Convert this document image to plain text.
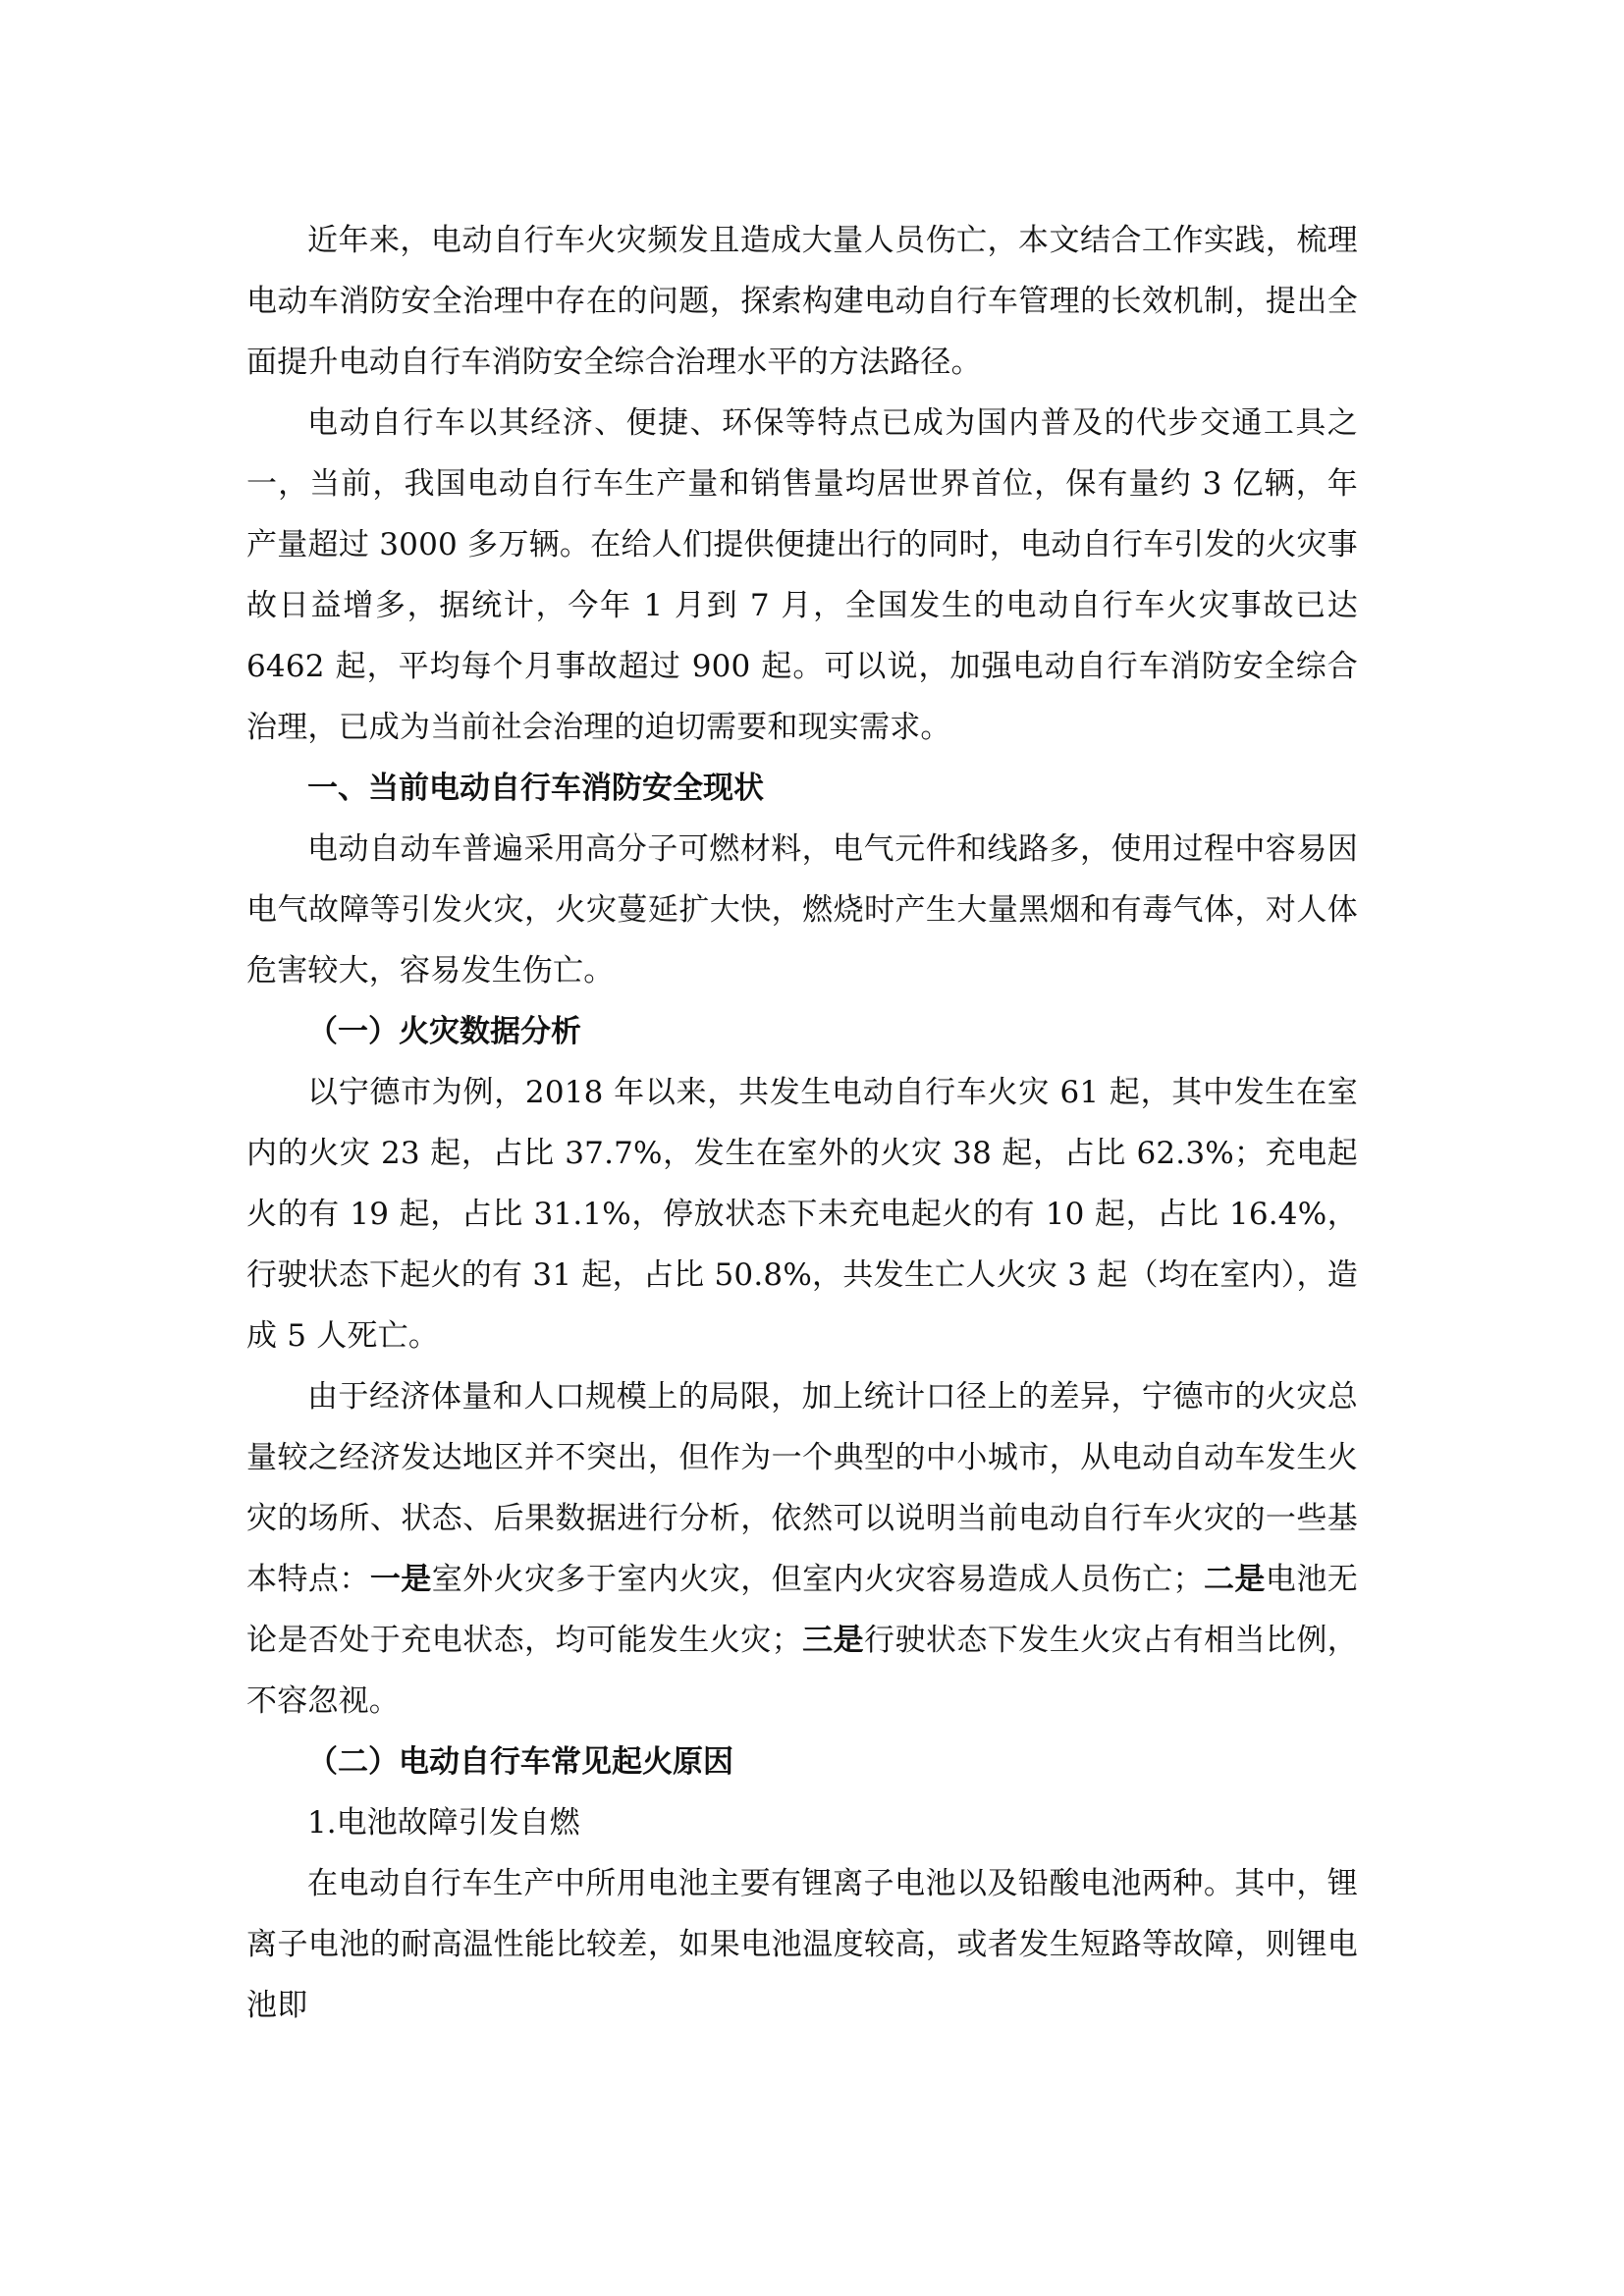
近年来，电动自行车火灾频发且造成大量人员伤亡，本文结合工作实践，梳理电动车消防安全治理中存在的问题，探索构建电动自行车管理的长效机制，提出全面提升电动自行车消防安全综合治理水平的方法路径。

电动自行车以其经济、便捷、环保等特点已成为国内普及的代步交通工具之一，当前，我国电动自行车生产量和销售量均居世界首位，保有量约 3 亿辆，年产量超过 3000 多万辆。在给人们提供便捷出行的同时，电动自行车引发的火灾事故日益增多，据统计，今年 1 月到 7 月，全国发生的电动自行车火灾事故已达 6462 起，平均每个月事故超过 900 起。可以说，加强电动自行车消防安全综合治理，已成为当前社会治理的迫切需要和现实需求。

一、当前电动自行车消防安全现状

电动自动车普遍采用高分子可燃材料，电气元件和线路多，使用过程中容易因电气故障等引发火灾，火灾蔓延扩大快，燃烧时产生大量黑烟和有毒气体，对人体危害较大，容易发生伤亡。

（一）火灾数据分析

以宁德市为例，2018 年以来，共发生电动自行车火灾 61 起，其中发生在室内的火灾 23 起，占比 37.7%，发生在室外的火灾 38 起，占比 62.3%；充电起火的有 19 起，占比 31.1%，停放状态下未充电起火的有 10 起，占比 16.4%，行驶状态下起火的有 31 起，占比 50.8%，共发生亡人火灾 3 起（均在室内），造成 5 人死亡。

由于经济体量和人口规模上的局限，加上统计口径上的差异，宁德市的火灾总量较之经济发达地区并不突出，但作为一个典型的中小城市，从电动自动车发生火灾的场所、状态、后果数据进行分析，依然可以说明当前电动自行车火灾的一些基本特点：一是室外火灾多于室内火灾，但室内火灾容易造成人员伤亡；二是电池无论是否处于充电状态，均可能发生火灾；三是行驶状态下发生火灾占有相当比例，不容忽视。

（二）电动自行车常见起火原因

1.电池故障引发自燃

在电动自行车生产中所用电池主要有锂离子电池以及铅酸电池两种。其中，锂离子电池的耐高温性能比较差，如果电池温度较高，或者发生短路等故障，则锂电池即
